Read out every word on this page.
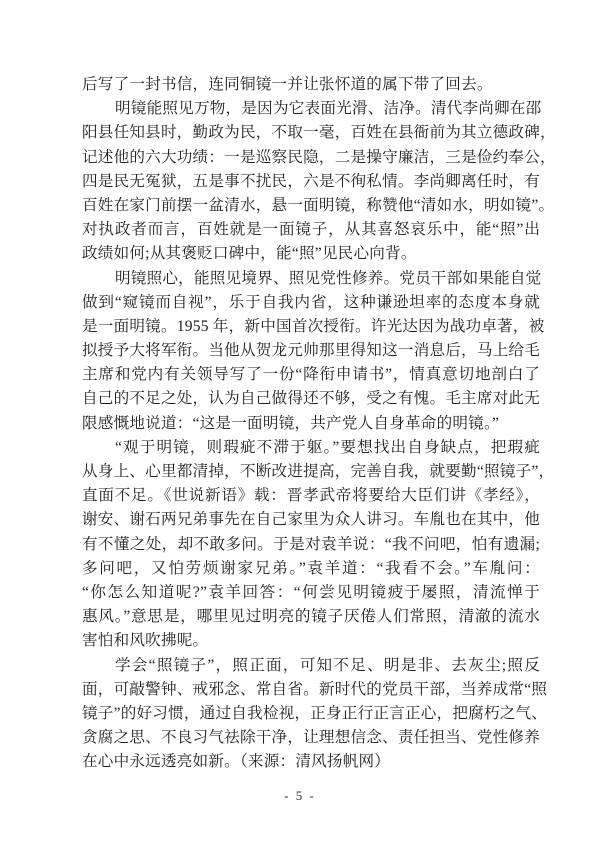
后写了一封书信，连同铜镜一并让张怀道的属下带了回去。
明镜能照见万物，是因为它表面光滑、洁净。清代李尚卿在邵
阳县任知县时，勤政为民，不取一毫，百姓在县衙前为其立德政碑，
记述他的六大功绩：一是巡察民隐，二是操守廉洁，三是俭约奉公，
四是民无冤狱，五是事不扰民，六是不徇私情。李尚卿离任时，有
百姓在家门前摆一盆清水，悬一面明镜，称赞他“清如水，明如镜”。
对执政者而言，百姓就是一面镜子，从其喜怒哀乐中，能“照”出
政绩如何;从其褒贬口碑中，能“照”见民心向背。
明镜照心，能照见境界、照见党性修养。党员干部如果能自觉
做到“窥镜而自视”，乐于自我内省，这种谦逊坦率的态度本身就
是一面明镜。1955 年，新中国首次授衔。许光达因为战功卓著，被
拟授予大将军衔。当他从贺龙元帅那里得知这一消息后，马上给毛
主席和党内有关领导写了一份“降衔申请书”，情真意切地剖白了
自己的不足之处，认为自己做得还不够，受之有愧。毛主席对此无
限感慨地说道：“这是一面明镜，共产党人自身革命的明镜。”
“观于明镜，则瑕疵不滞于躯。”要想找出自身缺点，把瑕疵
从身上、心里都清掉，不断改进提高，完善自我，就要勤“照镜子”，
直面不足。《世说新语》载：晋孝武帝将要给大臣们讲《孝经》，
谢安、谢石两兄弟事先在自己家里为众人讲习。车胤也在其中，他
有不懂之处，却不敢多问。于是对袁羊说：“我不问吧，怕有遗漏;
多问吧，又怕劳烦谢家兄弟。”袁羊道：“我看不会。”车胤问：
“你怎么知道呢?”袁羊回答：“何尝见明镜疲于屡照，清流惮于
惠风。”意思是，哪里见过明亮的镜子厌倦人们常照，清澈的流水
害怕和风吹拂呢。
学会“照镜子”，照正面，可知不足、明是非、去灰尘;照反
面，可敲警钟、戒邪念、常自省。新时代的党员干部，当养成常“照
镜子”的好习惯，通过自我检视，正身正行正言正心，把腐朽之气、
贪腐之思、不良习气祛除干净，让理想信念、责任担当、党性修养
在心中永远透亮如新。（来源：清风扬帆网）
- 5 -
